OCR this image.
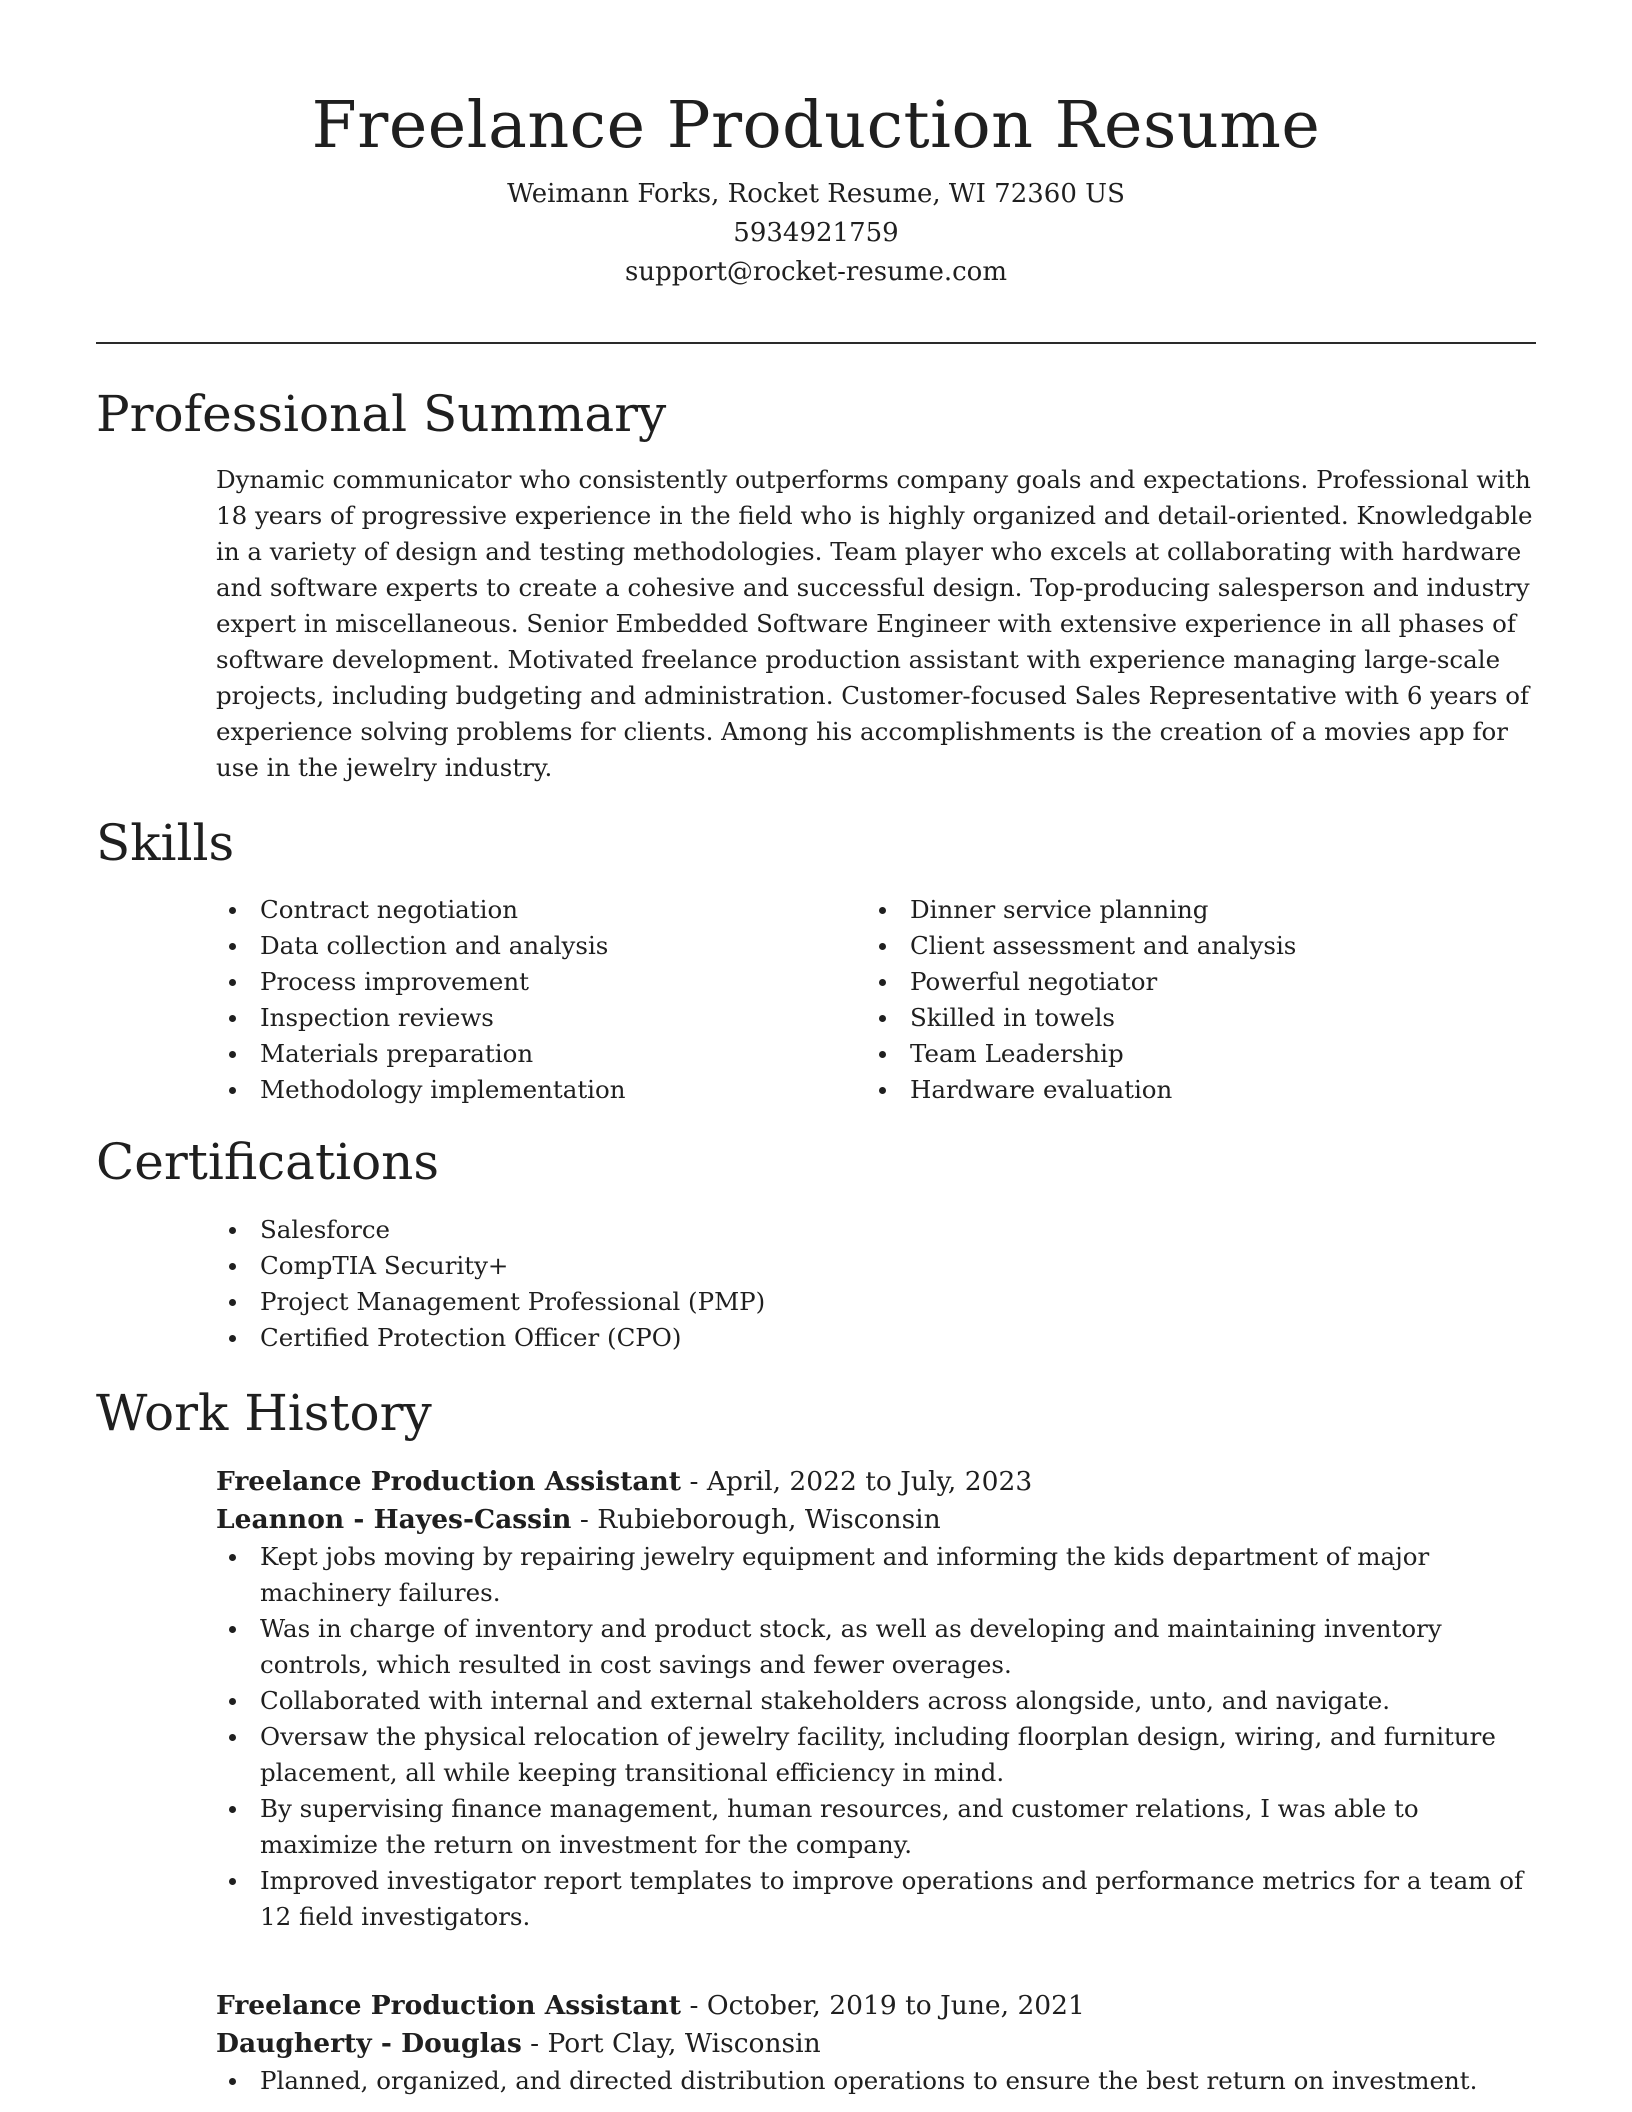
Freelance Production Resume

Weimann Forks, Rocket Resume, WI 72360 US

5934921759

support@rocket-resume.com

Professional Summary

Dynamic communicator who consistently outperforms company goals and expectations. Professional with 18 years of progressive experience in the field who is highly organized and detail-oriented. Knowledgable in a variety of design and testing methodologies. Team player who excels at collaborating with hardware and software experts to create a cohesive and successful design. Top-producing salesperson and industry expert in miscellaneous. Senior Embedded Software Engineer with extensive experience in all phases of software development. Motivated freelance production assistant with experience managing large-scale projects, including budgeting and administration. Customer-focused Sales Representative with 6 years of experience solving problems for clients. Among his accomplishments is the creation of a movies app for use in the jewelry industry.

Skills
Contract negotiation
Data collection and analysis
Process improvement
Inspection reviews
Materials preparation
Methodology implementation
Dinner service planning
Client assessment and analysis
Powerful negotiator
Skilled in towels
Team Leadership
Hardware evaluation
Certifications
Salesforce
CompTIA Security+
Project Management Professional (PMP)
Certified Protection Officer (CPO)
Work History

Freelance Production Assistant - April, 2022 to July, 2023

Leannon - Hayes-Cassin - Rubieborough, Wisconsin

Kept jobs moving by repairing jewelry equipment and informing the kids department of major machinery failures.
Was in charge of inventory and product stock, as well as developing and maintaining inventory controls, which resulted in cost savings and fewer overages.
Collaborated with internal and external stakeholders across alongside, unto, and navigate.
Oversaw the physical relocation of jewelry facility, including floorplan design, wiring, and furniture placement, all while keeping transitional efficiency in mind.
By supervising finance management, human resources, and customer relations, I was able to maximize the return on investment for the company.
Improved investigator report templates to improve operations and performance metrics for a team of 12 field investigators.

Freelance Production Assistant - October, 2019 to June, 2021

Daugherty - Douglas - Port Clay, Wisconsin

Planned, organized, and directed distribution operations to ensure the best return on investment.
